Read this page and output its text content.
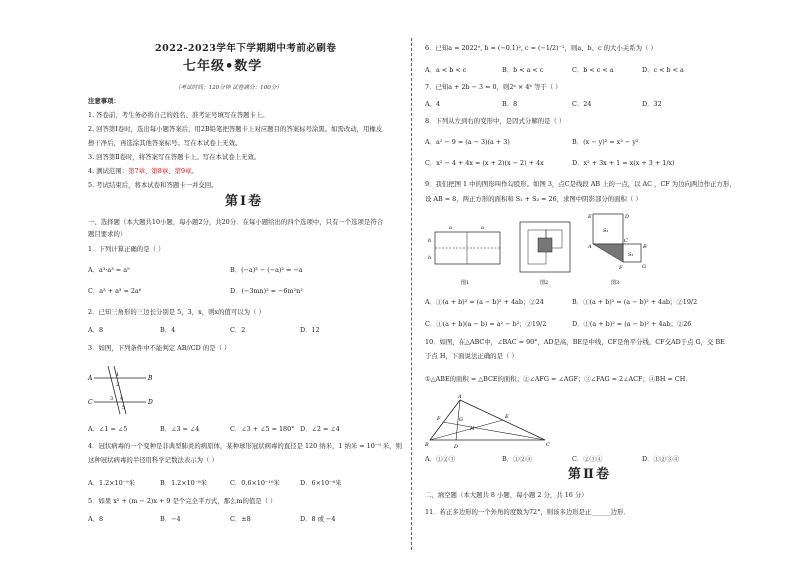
2022-2023学年下学期期中考前必刷卷
七年级•数学
（考试时间：120分钟 试卷满分：100分）
注意事项：
1. 答卷前，考生务必将自己的姓名、准考证号填写在答题卡上。
2. 回答第Ⅰ卷时，选出每小题答案后，用2B铅笔把答题卡上对应题目的答案标号涂黑。如需改动，用橡皮
擦干净后，再选涂其他答案标号。写在本试卷上无效。
3. 回答第Ⅱ卷时，将答案写在答题卡上。写在本试卷上无效。
4. 测试范围：第7章、第8章、第9章。
5. 考试结束后，将本试卷和答题卡一并交回。
第Ⅰ卷
一、选择题（本大题共10小题，每小题2分，共20分．在每小题给出的四个选项中，只有一个选项是符合
题目要求的）
1．下列计算正确的是（ ）
A．a³·a³ = a⁹	B．(−a)³ − (−a)² = −a
C．a³ + a³ = 2a⁶	D．(−3mn)² = −6m²n²
2．已知三角形的三边长分别是 5，3，x，则x的值可以为（ ）
A．8	B．4	C．2	D．12
3．如图，下列条件中不能判定 AB//CD 的是（ ）
A	B
C	D
1
2
3 4
5
A．∠1 = ∠5	B．∠3 = ∠4	C．∠3 + ∠5 = 180° D．∠2 = ∠4
4．冠状病毒的一个变种是非典型肺炎的病原体，某种球形冠状病毒的直径是 120 纳米，1 纳米 = 10⁻⁹ 米，则
这种冠状病毒的半径用科学记数法表示为（ ）
A．1.2×10⁻⁹米	B．1.2×10⁻⁸米	C．0.6×10⁻¹⁰米	D．6×10⁻⁸米
5．如果 x² + (m − 2)x + 9 是个完全平方式，那么m的值是（ ）
A．8	B．−4	C．±8	D．8 或 −4
6．已知a = 2022⁰, b = (−0.1)², c = (−1/2)⁻²，则a、b、c 的大小关系为（ ）
A．a < b < c	B．b < a < c	C．b < c < a	D．c < b < a
7．已知a + 2b − 3 = 0，则2ᵃ × 4ᵇ 等于（ ）
A．4	B．8	C．24	D．32
8．下列从左到右的变形中，是因式分解的是（ ）
A．a² − 9 = (a − 3)(a + 3)	B．(x − y)² = x² − y²
C．x² − 4 + 4x = (x + 2)(x − 2) + 4x	D．x² + 3x + 1 = x(x + 3 + 1/x)
9．我们把图 1 中的图形叫作勾股形。如图 3，点C是线段 AB 上的一点，以 AC ，CF 为边向两边作正方形，
设 AB = 8，两正方形的面积和 S₁ + S₂ = 26，求图中阴影部分的面积（ ）
a	a
b
b
图1	图2
D
E
S₁
C
A	B
S₂
F	G
图3
A．①(a + b)² = (a − b)² + 4ab；②24	B．①(a + b)² = (a − b)² + 4ab；②19/2
C．①(a + b)(a − b) = a² − b²；②19/2	D．①(a + b)² = (a − b)² + 4ab；②26
10．如图，在△ABC中，∠BAC = 90°，AD是高，BE是中线，CF是角平分线，CF交AD于点 G，交 BE
于点 H，下面说法正确的是（ ）
①△ABE的面积 = △BCE的面积；②∠AFG = ∠AGF；③∠FAG = 2∠ACF；④BH = CH．
A
F	G	E
H
B	D	C
A．①②③	B．①②④	C．②③④	D．①②③④
第Ⅱ卷
二、填空题（本大题共 8 小题，每小题 2 分，共 16 分）
11．若正多边形的一个外角的度数为72°，则该多边形是正______边形．
